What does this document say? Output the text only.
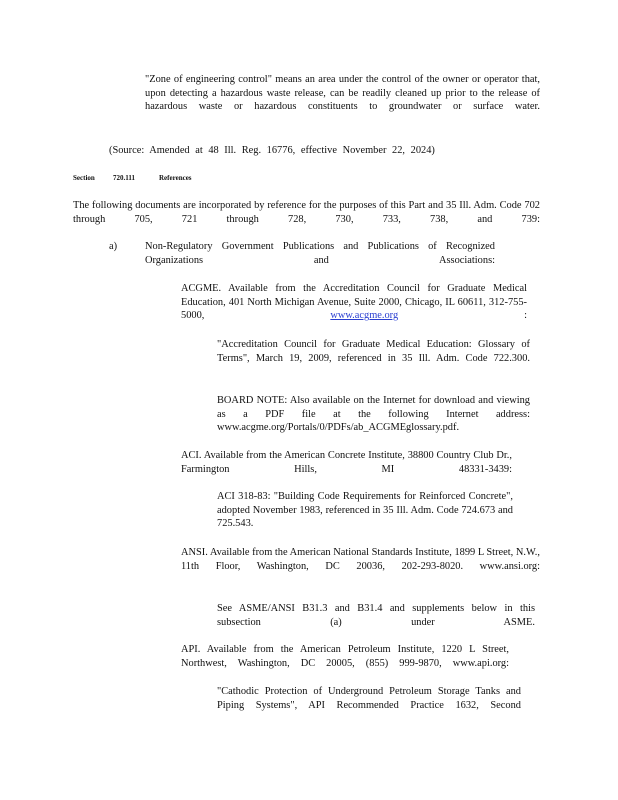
"Zone of engineering control" means an area under the control of the owner or operator that, upon detecting a hazardous waste release, can be readily cleaned up prior to the release of hazardous waste or hazardous constituents to groundwater or surface water.

(Source: Amended at 48 Ill. Reg. 16776, effective November 22, 2024)

Section	720.111	References

The following documents are incorporated by reference for the purposes of this Part and 35 Ill. Adm. Code 702 through 705, 721 through 728, 730, 733, 738, and 739:

a)	Non-Regulatory Government Publications and Publications of Recognized Organizations and Associations:

ACGME. Available from the Accreditation Council for Graduate Medical Education, 401 North Michigan Avenue, Suite 2000, Chicago, IL 60611, 312-755-5000,	www.acgme.org	:

"Accreditation Council for Graduate Medical Education: Glossary of Terms", March 19, 2009, referenced in 35 Ill. Adm. Code 722.300.

BOARD NOTE: Also available on the Internet for download and viewing as a PDF file at the following Internet address: www.acgme.org/Portals/0/PDFs/ab_ACGMEglossary.pdf.

ACI. Available from the American Concrete Institute, 38800 Country Club Dr., Farmington Hills, MI 48331-3439:

ACI 318-83: "Building Code Requirements for Reinforced Concrete", adopted November 1983, referenced in 35 Ill. Adm. Code 724.673 and 725.543.

ANSI. Available from the American National Standards Institute, 1899 L Street, N.W., 11th Floor, Washington, DC 20036, 202-293-8020. www.ansi.org:

See ASME/ANSI B31.3 and B31.4 and supplements below in this subsection (a) under ASME.

API. Available from the American Petroleum Institute, 1220 L Street, Northwest, Washington, DC 20005, (855) 999-9870, www.api.org:

"Cathodic Protection of Underground Petroleum Storage Tanks and Piping Systems", API Recommended Practice 1632, Second
